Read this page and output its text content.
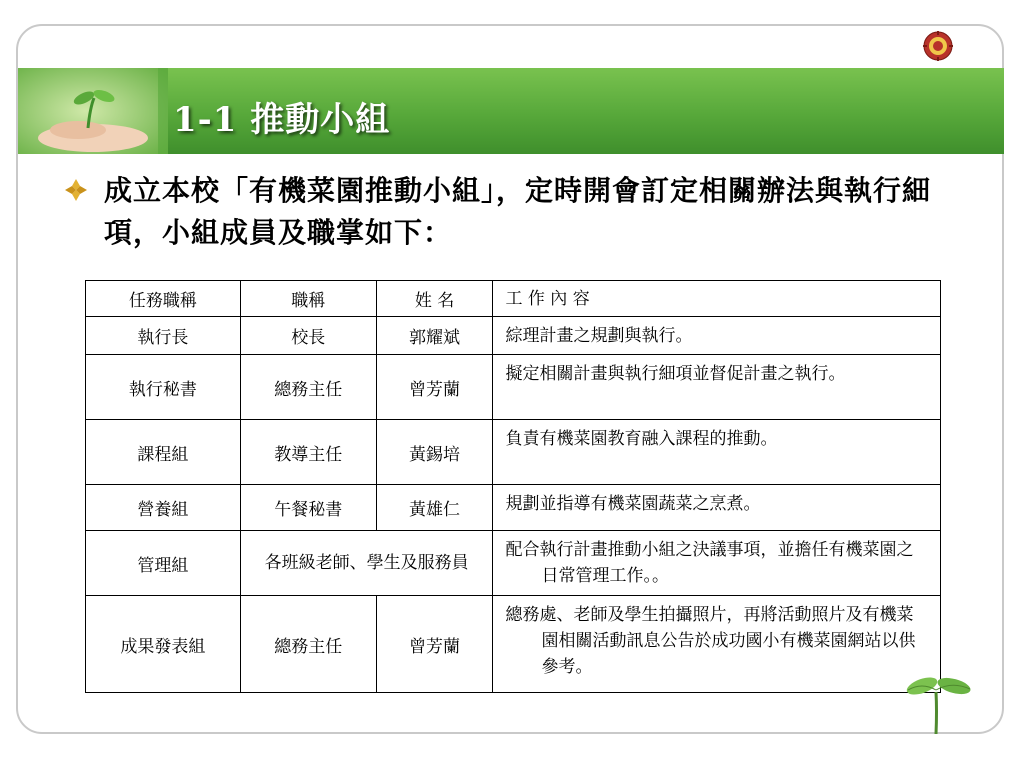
1-1 推動小組
成立本校「有機菜園推動小組」，定時開會訂定相關辦法與執行細項，小組成員及職掌如下：
任務職稱	職稱	姓 名	工 作 內 容
執行長	校長	郭耀斌	綜理計畫之規劃與執行。

執行秘書	總務主任	曾芳蘭	擬定相關計畫與執行細項並督促計畫之執行。

課程組	教導主任	黃錫培	負責有機菜園教育融入課程的推動。

營養組	午餐秘書	黃雄仁	規劃並指導有機菜園蔬菜之烹煮。

管理組	各班級老師、學生及服務員		配合執行計畫推動小組之決議事項，並擔任有機菜園之日常管理工作。。

成果發表組	總務主任	曾芳蘭	總務處、老師及學生拍攝照片，再將活動照片及有機菜園相關活動訊息公告於成功國小有機菜園網站以供參考。
